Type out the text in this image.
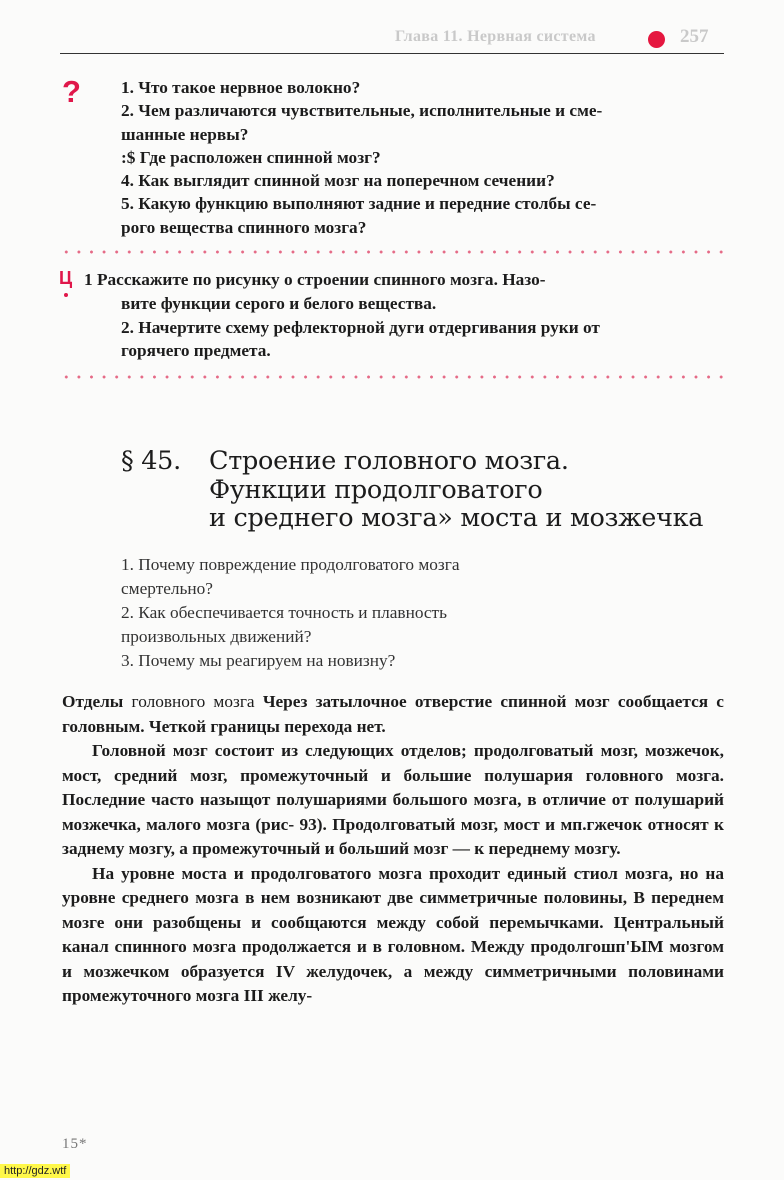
Глава 11. Нервная система	257
? 1. Что такое нервное волокно?

2. Чем различаются чувствительные, исполнительные и сме-

шанные нервы?

:$ Где расположен спинной мозг?

4. Как выглядит спинной мозг на поперечном сечении?

5. Какую функцию выполняют задние и передние столбы се-

рого вещества спинного мозга?

Ц 1 Расскажите по рисунку о строении спинного мозга. Назо-

вите функции серого и белого вещества.

2. Начертите схему рефлекторной дуги отдергивания руки от

горячего предмета.

§ 45. Строение головного мозга.
Функции продолговатого
и среднего мозга» моста и мозжечка

1. Почему повреждение продолговатого мозга

смертельно?

2. Как обеспечивается точность и плавность

произвольных движений?

3. Почему мы реагируем на новизну?

Отделы головного мозга Через затылочное отверстие спинной мозг сообщается с головным. Четкой границы перехода нет.

Головной мозг состоит из следующих отделов; продолговатый мозг, мозжечок, мост, средний мозг, промежуточный и большие полушария головного мозга. Последние часто назыщот полушариями большого мозга, в отличие от полушарий мозжечка, малого мозга (рис- 93). Продолговатый мозг, мост и мп.гжечок относят к заднему мозгу, а промежуточный и больший мозг — к переднему мозгу.

На уровне моста и продолговатого мозга проходит единый стиол мозга, но на уровне среднего мозга в нем возникают две симметричные половины, В переднем мозге они разобщены и сообщаются между собой перемычками. Центральный канал спинного мозга продолжается и в головном. Между продолгошп'ЫМ мозгом и мозжечком образуется IV желудочек, а между симметричными половинами промежуточного мозга III желу-

15*
http://gdz.wtf
